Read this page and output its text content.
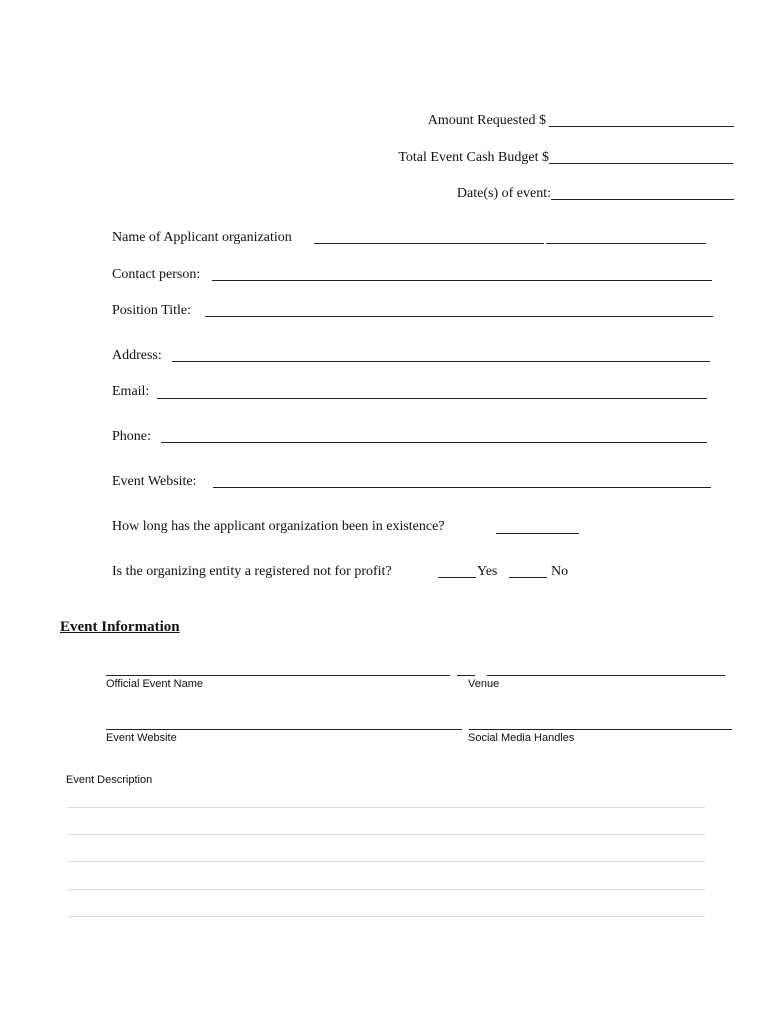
Amount Requested $
Total Event Cash Budget $
Date(s) of event:
Name of Applicant organization
Contact person:
Position Title:
Address:
Email:
Phone:
Event Website:
How long has the applicant organization been in existence?
Is the organizing entity a registered not for profit?	Yes	No
Event Information
Official Event Name	Venue
Event Website	Social Media Handles
Event Description
